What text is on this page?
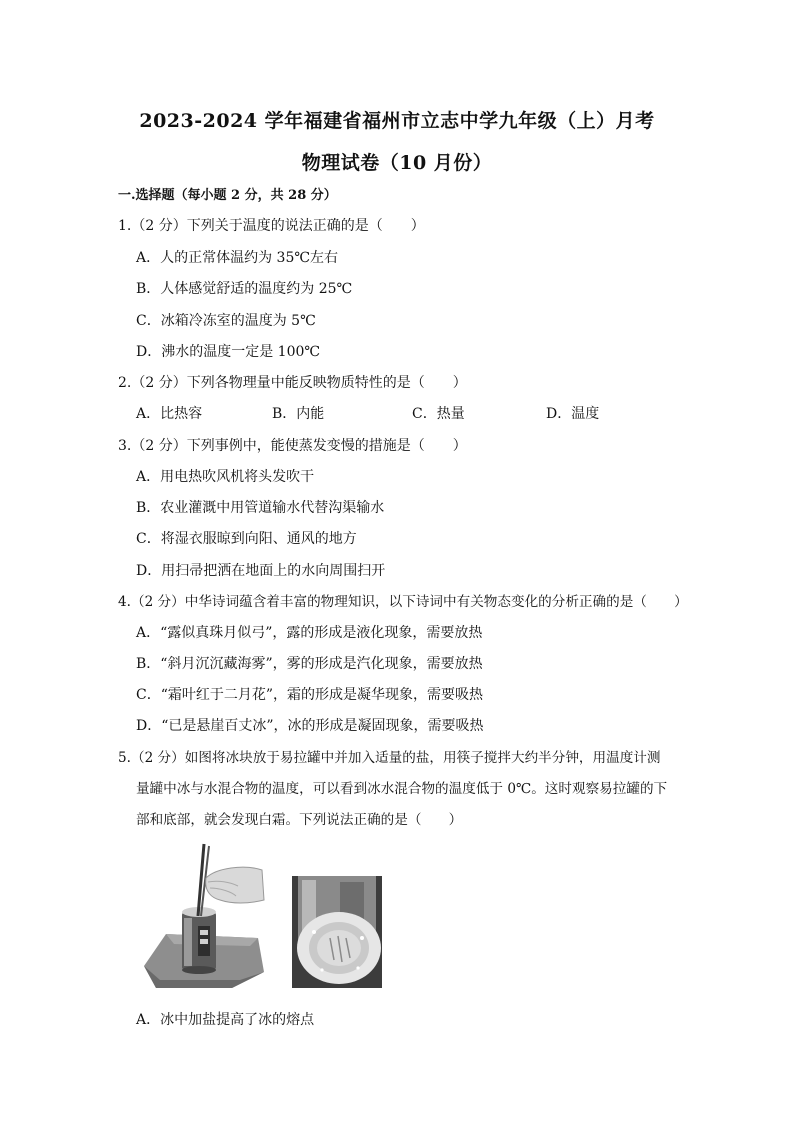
2023-2024 学年福建省福州市立志中学九年级（上）月考
物理试卷（10 月份）
一.选择题（每小题 2 分，共 28 分）
1.（2 分）下列关于温度的说法正确的是（　　）
A．人的正常体温约为 35℃左右
B．人体感觉舒适的温度约为 25℃
C．冰箱冷冻室的温度为 5℃
D．沸水的温度一定是 100℃
2.（2 分）下列各物理量中能反映物质特性的是（　　）
A．比热容	B．内能	C．热量	D．温度
3.（2 分）下列事例中，能使蒸发变慢的措施是（　　）
A．用电热吹风机将头发吹干
B．农业灌溉中用管道输水代替沟渠输水
C．将湿衣服晾到向阳、通风的地方
D．用扫帚把洒在地面上的水向周围扫开
4.（2 分）中华诗词蕴含着丰富的物理知识，以下诗词中有关物态变化的分析正确的是（　　）
A．“露似真珠月似弓”，露的形成是液化现象，需要放热
B．“斜月沉沉藏海雾”，雾的形成是汽化现象，需要放热
C．“霜叶红于二月花”，霜的形成是凝华现象，需要吸热
D．“已是悬崖百丈冰”，冰的形成是凝固现象，需要吸热
5.（2 分）如图将冰块放于易拉罐中并加入适量的盐，用筷子搅拌大约半分钟，用温度计测
量罐中冰与水混合物的温度，可以看到冰水混合物的温度低于 0℃。这时观察易拉罐的下
部和底部，就会发现白霜。下列说法正确的是（　　）
A．冰中加盐提高了冰的熔点
